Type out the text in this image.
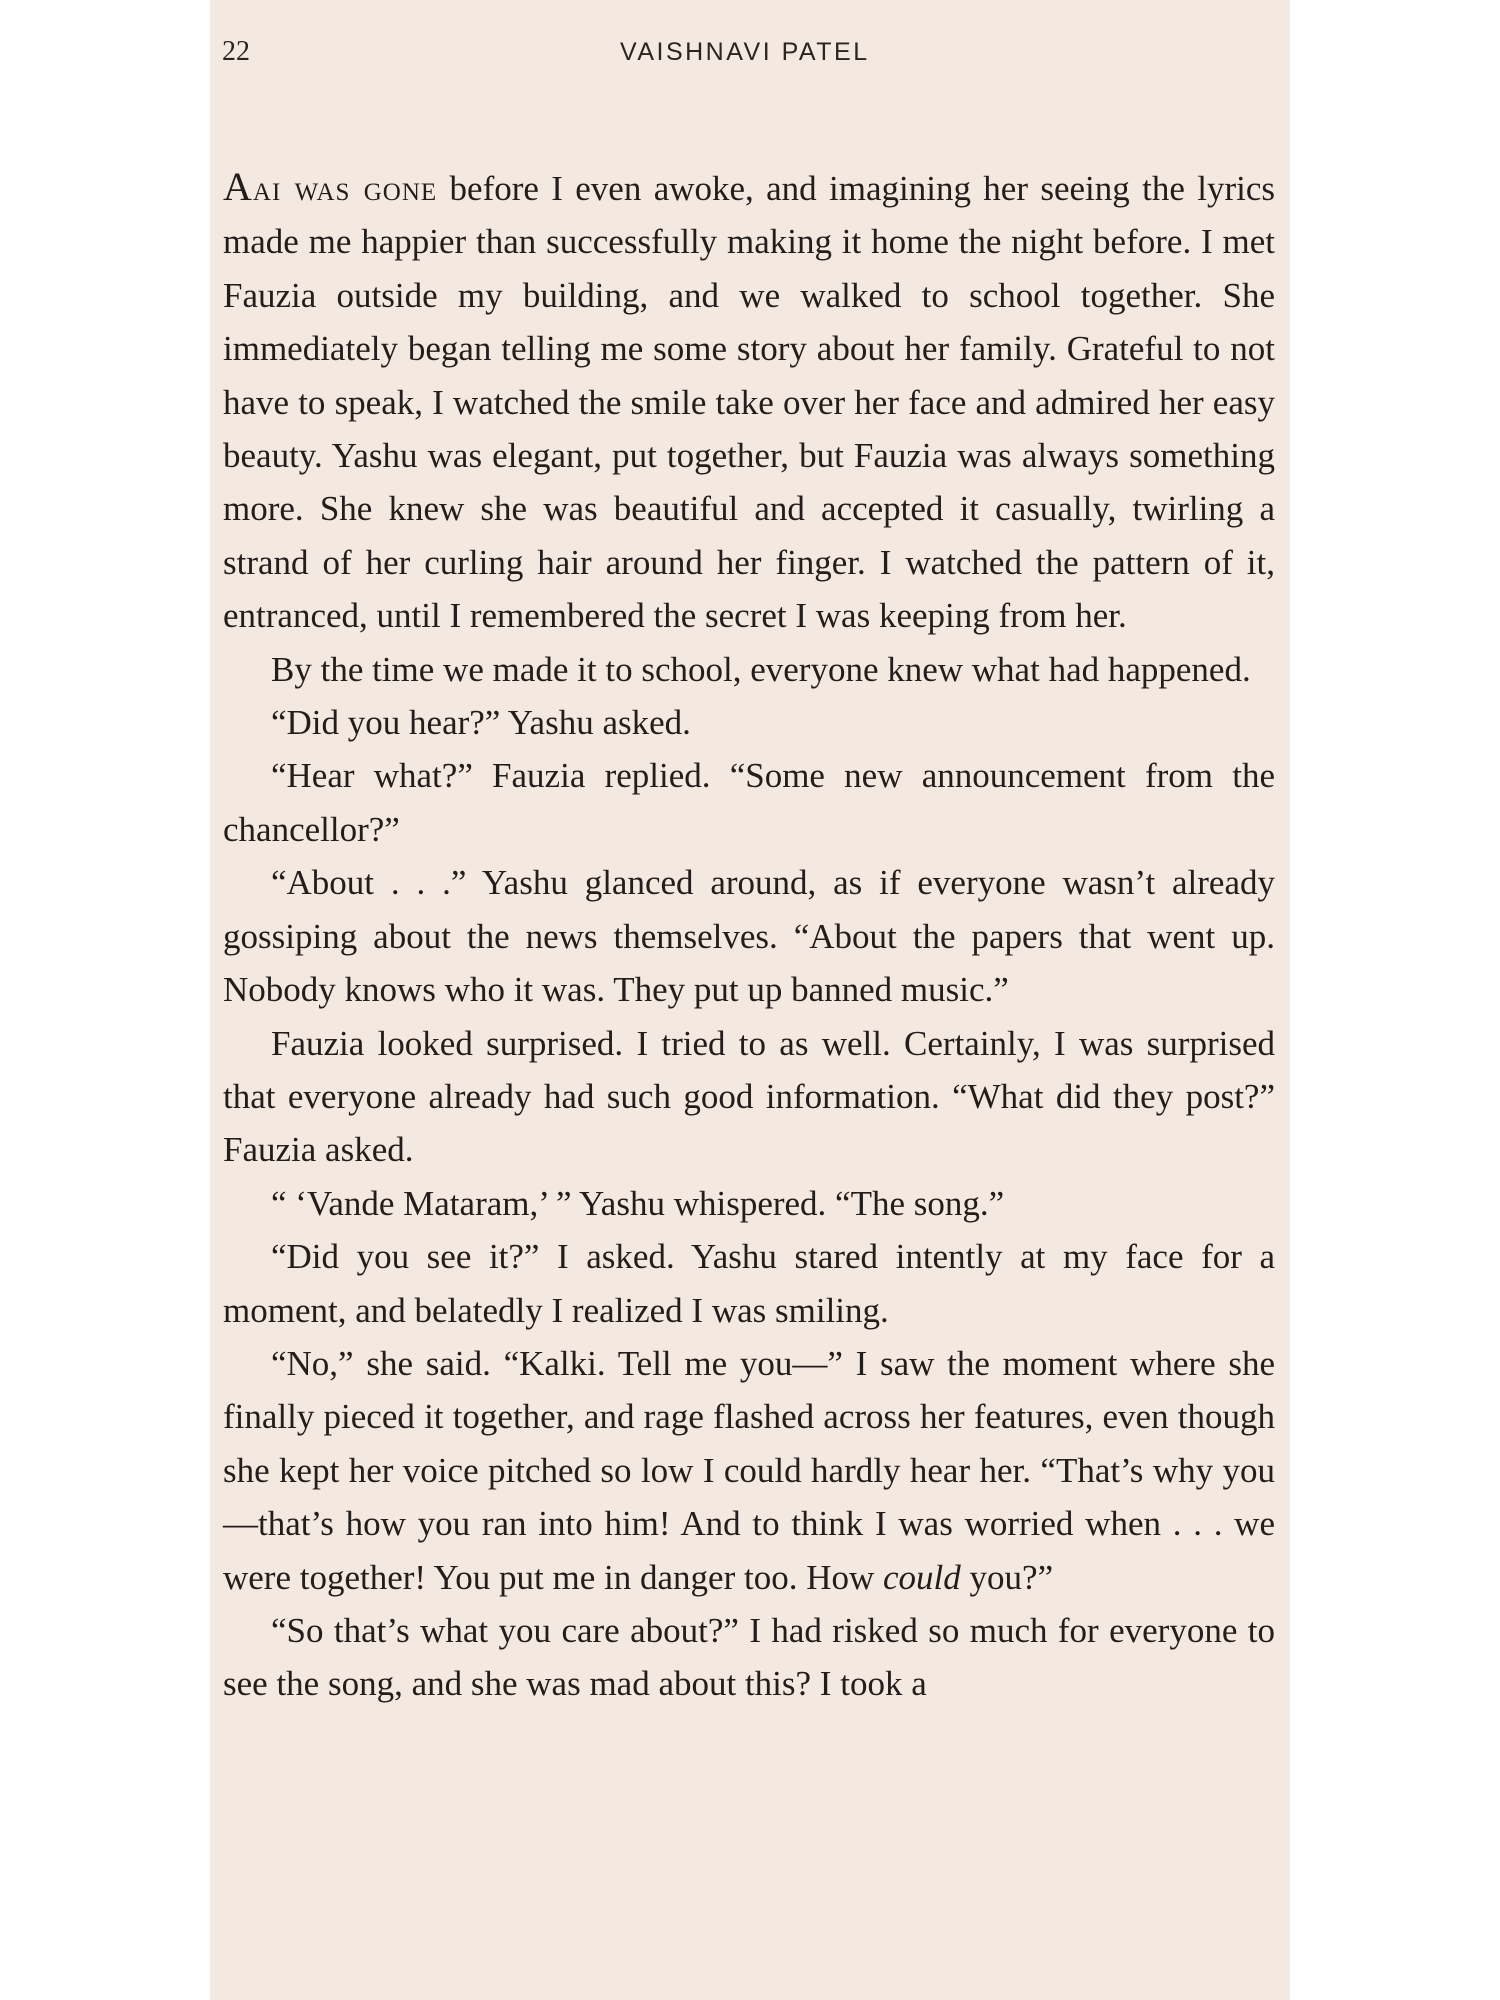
22	VAISHNAVI PATEL

Aai was gone before I even awoke, and imagining her seeing the lyrics made me happier than successfully making it home the night before. I met Fauzia outside my building, and we walked to school together. She immediately began telling me some story about her family. Grateful to not have to speak, I watched the smile take over her face and admired her easy beauty. Yashu was elegant, put together, but Fauzia was always something more. She knew she was beautiful and accepted it casually, twirling a strand of her curling hair around her finger. I watched the pattern of it, entranced, until I remembered the secret I was keeping from her.

By the time we made it to school, everyone knew what had happened.

“Did you hear?” Yashu asked.

“Hear what?” Fauzia replied. “Some new announcement from the chancellor?”

“About . . .” Yashu glanced around, as if everyone wasn’t already gossiping about the news themselves. “About the papers that went up. Nobody knows who it was. They put up banned music.”

Fauzia looked surprised. I tried to as well. Certainly, I was surprised that everyone already had such good information. “What did they post?” Fauzia asked.

“ ‘Vande Mataram,’ ” Yashu whispered. “The song.”

“Did you see it?” I asked. Yashu stared intently at my face for a moment, and belatedly I realized I was smiling.

“No,” she said. “Kalki. Tell me you—” I saw the moment where she finally pieced it together, and rage flashed across her features, even though she kept her voice pitched so low I could hardly hear her. “That’s why you—that’s how you ran into him! And to think I was worried when . . . we were together! You put me in danger too. How could you?”

“So that’s what you care about?” I had risked so much for everyone to see the song, and she was mad about this? I took a
